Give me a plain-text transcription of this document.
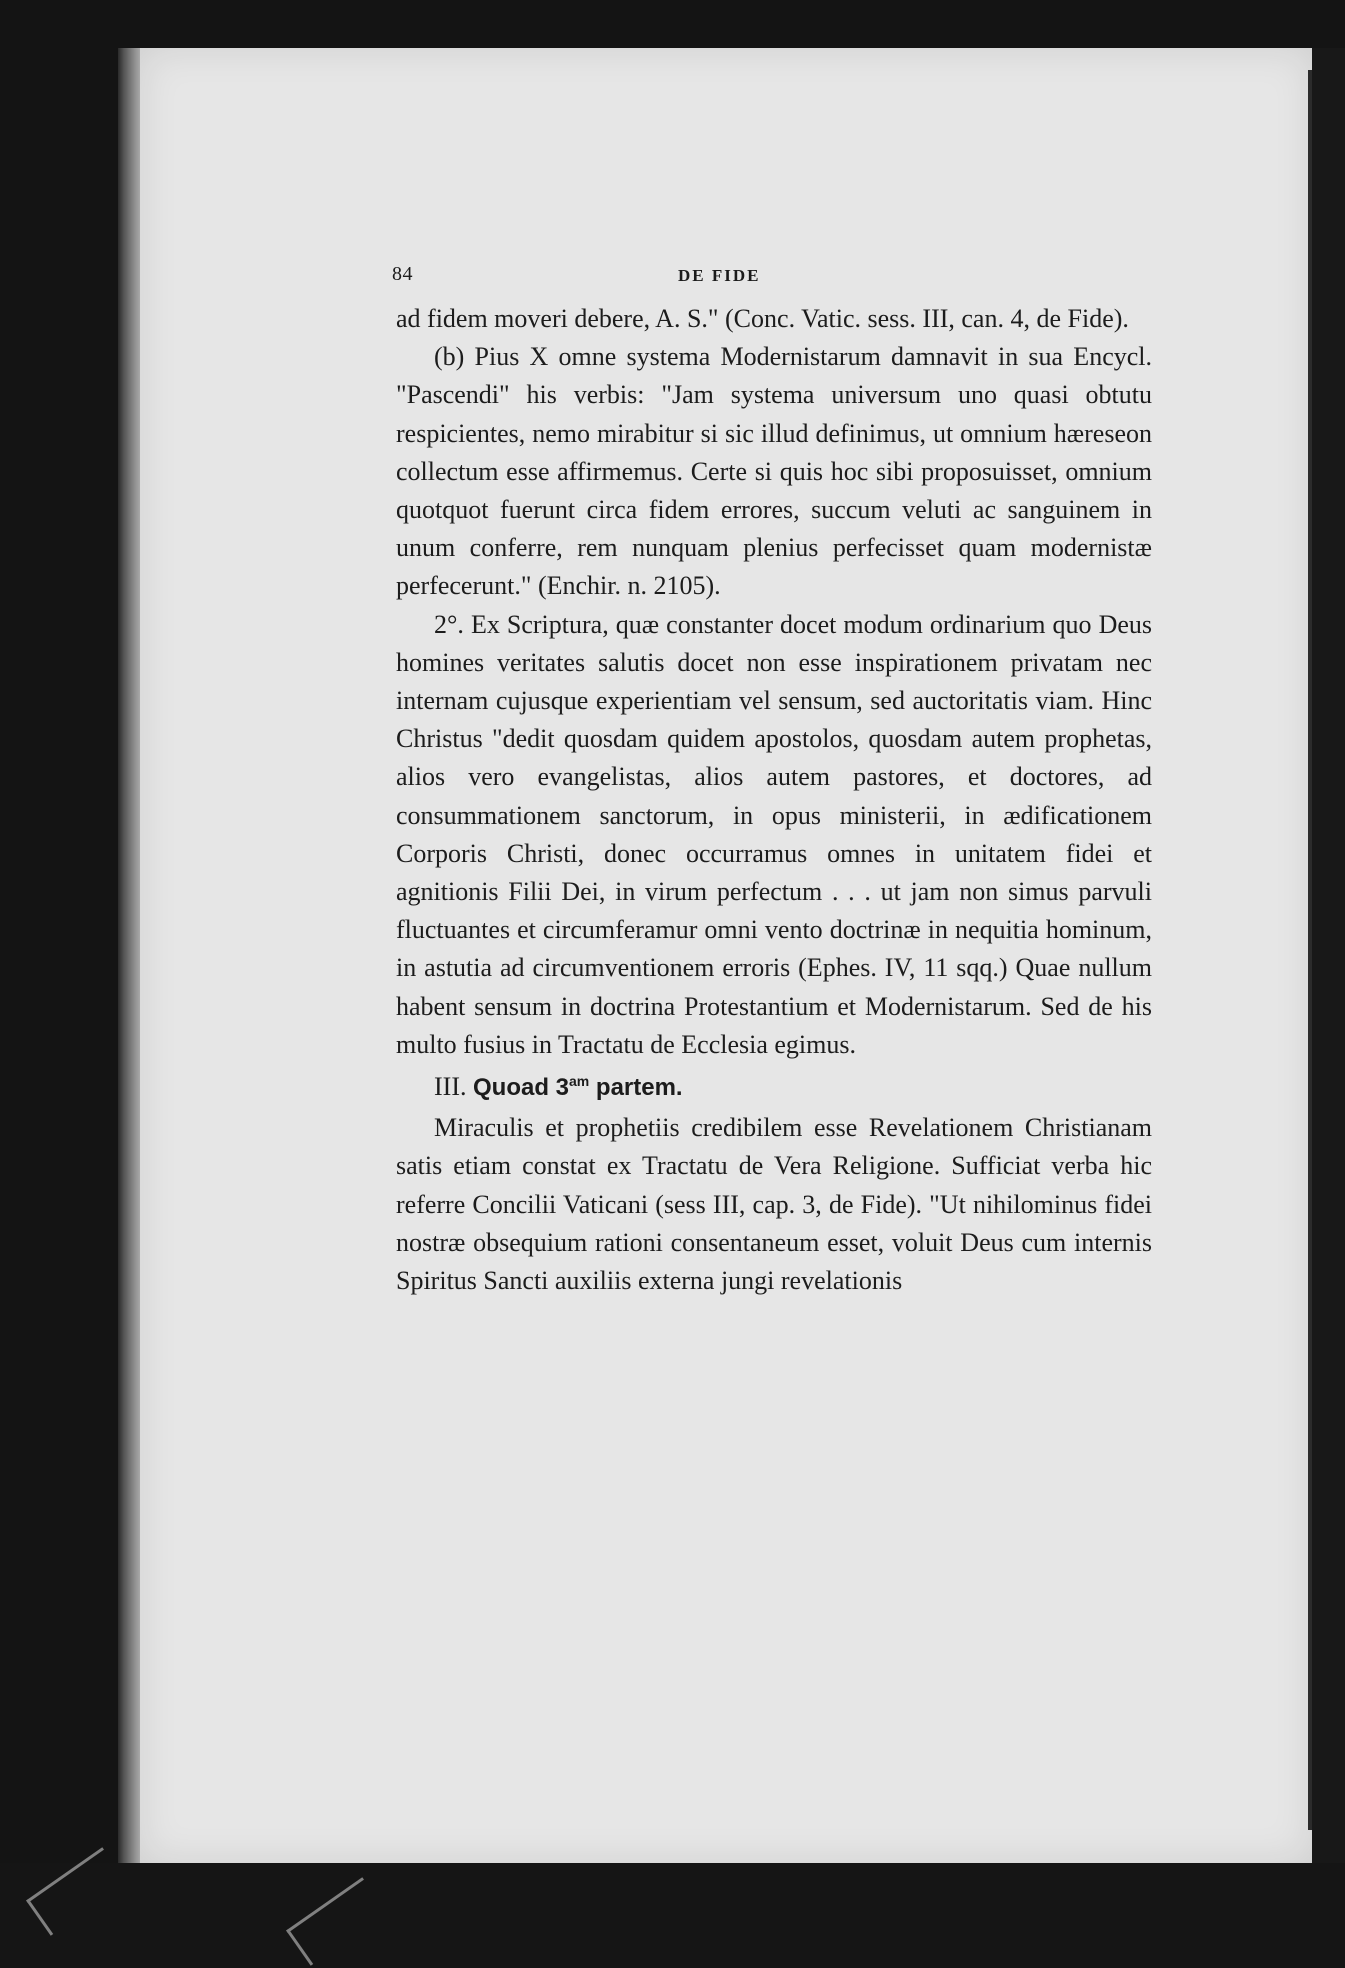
84	DE FIDE

ad fidem moveri debere, A. S." (Conc. Vatic. sess. III, can. 4, de Fide).

(b) Pius X omne systema Modernistarum damnavit in sua Encycl. "Pascendi" his verbis: "Jam systema universum uno quasi obtutu respicientes, nemo mirabitur si sic illud definimus, ut omnium hæreseon collectum esse affirmemus. Certe si quis hoc sibi proposuisset, omnium quotquot fuerunt circa fidem errores, succum veluti ac sanguinem in unum conferre, rem nunquam plenius perfecisset quam modernistæ perfecerunt." (Enchir. n. 2105).

2°. Ex Scriptura, quæ constanter docet modum ordinarium quo Deus homines veritates salutis docet non esse inspirationem privatam nec internam cujusque experientiam vel sensum, sed auctoritatis viam. Hinc Christus "dedit quosdam quidem apostolos, quosdam autem prophetas, alios vero evangelistas, alios autem pastores, et doctores, ad consummationem sanctorum, in opus ministerii, in ædificationem Corporis Christi, donec occurramus omnes in unitatem fidei et agnitionis Filii Dei, in virum perfectum . . . ut jam non simus parvuli fluctuantes et circumferamur omni vento doctrinæ in nequitia hominum, in astutia ad circumventionem erroris (Ephes. IV, 11 sqq.) Quae nullum habent sensum in doctrina Protestantium et Modernistarum. Sed de his multo fusius in Tractatu de Ecclesia egimus.

III. Quoad $3^{am}$ partem.

Miraculis et prophetiis credibilem esse Revelationem Christianam satis etiam constat ex Tractatu de Vera Religione. Sufficiat verba hic referre Concilii Vaticani (sess III, cap. 3, de Fide). "Ut nihilominus fidei nostræ obsequium rationi consentaneum esset, voluit Deus cum internis Spiritus Sancti auxiliis externa jungi revelationis
